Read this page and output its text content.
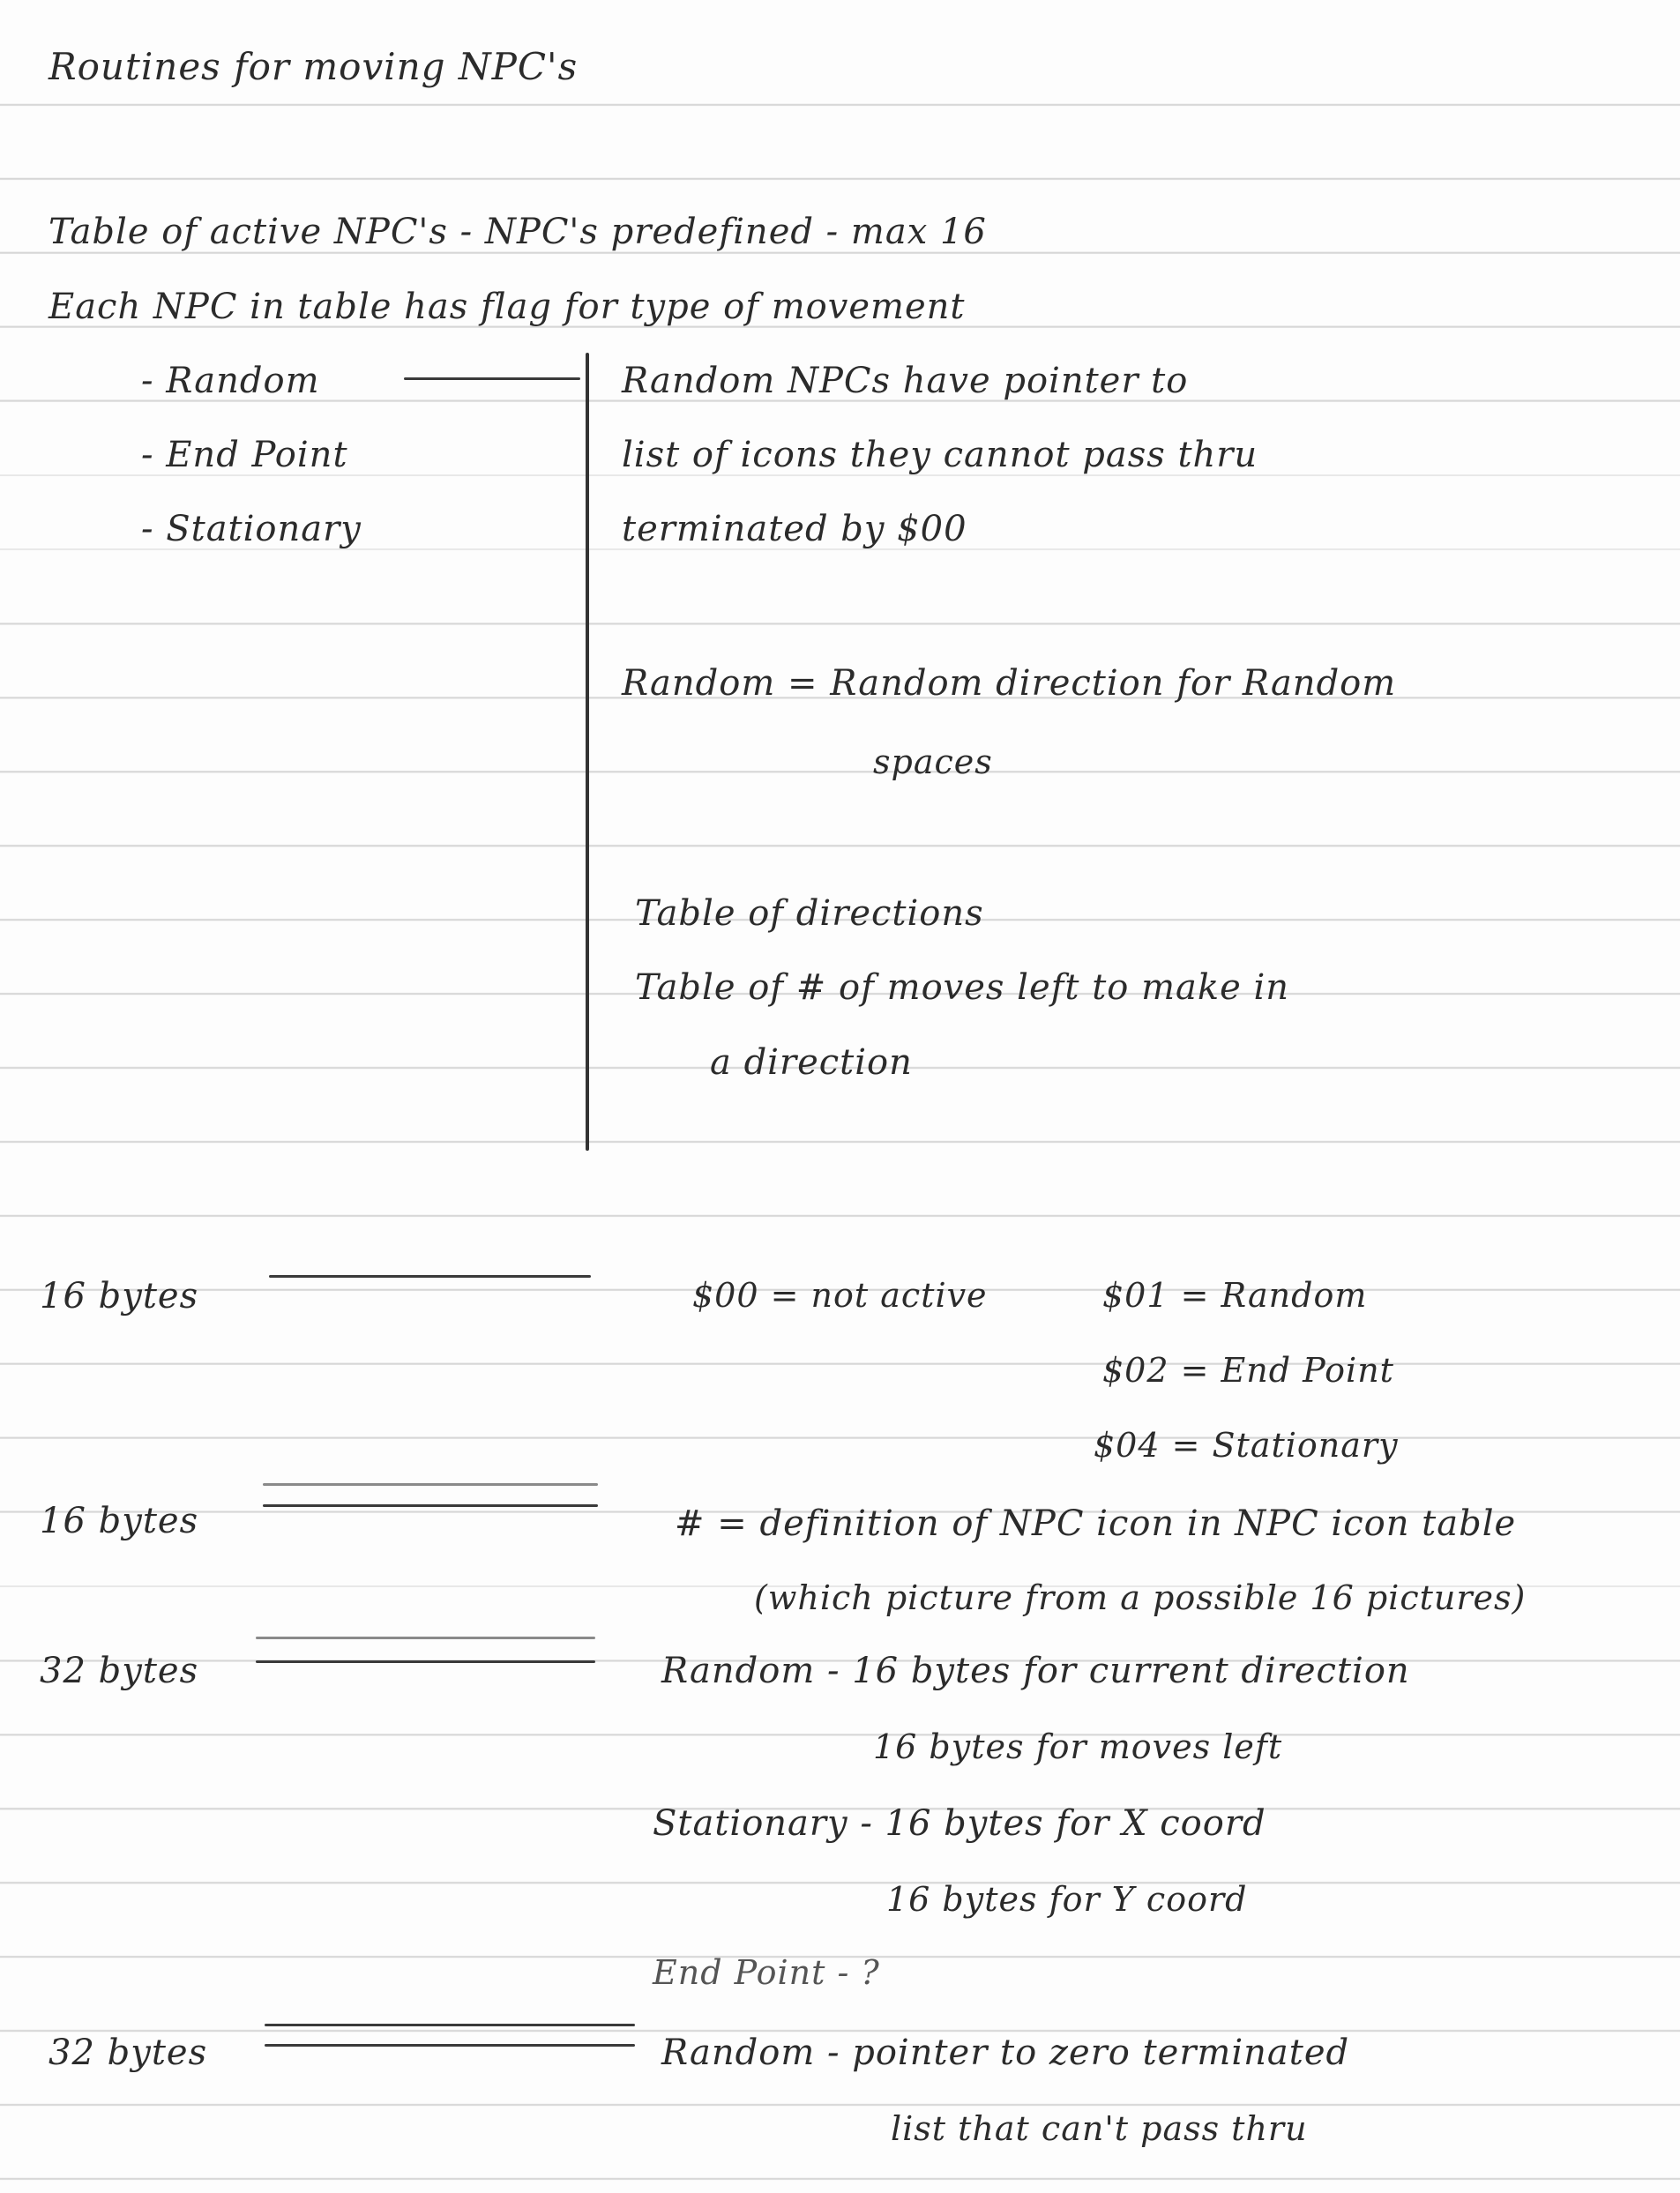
Routines for moving NPC's
Table of active NPC's - NPC's predefined - max 16
Each NPC in table has flag for type of movement
- Random
- End Point
- Stationary
Random NPCs have pointer to
list of icons they cannot pass thru
terminated by $00
Random = Random direction for Random
spaces
Table of directions
Table of # of moves left to make in
a direction
16 bytes	$00 = not active	$01 = Random
$02 = End Point
$04 = Stationary
16 bytes	# = definition of NPC icon in NPC icon table
(which picture from a possible 16 pictures)
32 bytes	Random - 16 bytes for current direction
16 bytes for moves left
Stationary - 16 bytes for X coord
16 bytes for Y coord
End Point - ?
32 bytes	Random - pointer to zero terminated
list that can't pass thru
